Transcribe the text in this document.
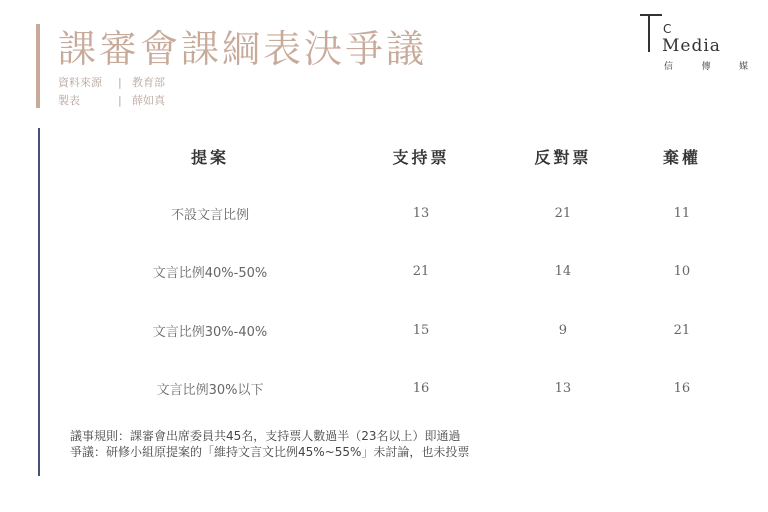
課審會課綱表決爭議
資料來源	| 教育部
製表	| 薛如真
C
Media
信	傳	媒
提案	支持票	反對票	棄權
不設文言比例	13	21	11
文言比例40%-50%	21	14	10
文言比例30%-40%	15	9	21
文言比例30%以下	16	13	16
議事規則：課審會出席委員共45名，支持票人數過半（23名以上）即通過
爭議：研修小組原提案的「維持文言文比例45%~55%」未討論，也未投票
